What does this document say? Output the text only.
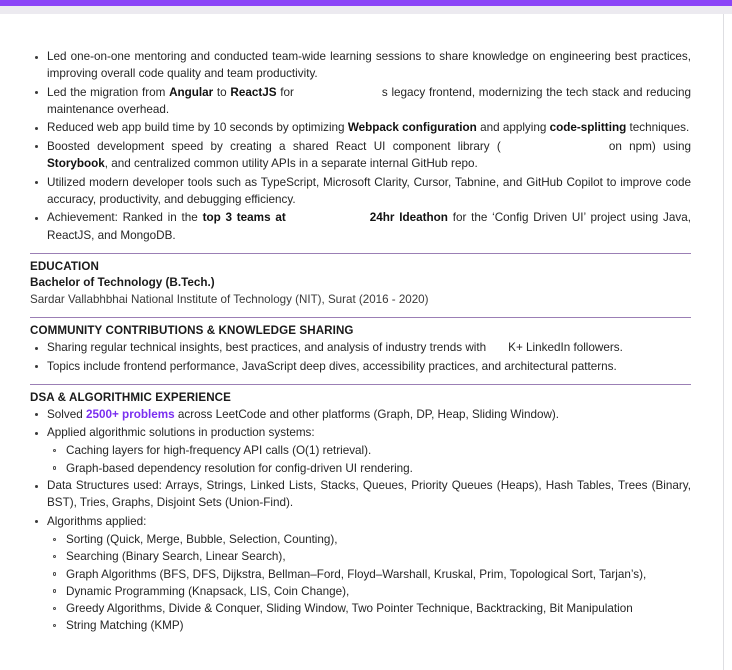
Led one-on-one mentoring and conducted team-wide learning sessions to share knowledge on engineering best practices, improving overall code quality and team productivity.
Led the migration from Angular to ReactJS for	s legacy frontend, modernizing the tech stack and reducing maintenance overhead.
Reduced web app build time by 10 seconds by optimizing Webpack configuration and applying code-splitting techniques.
Boosted development speed by creating a shared React UI component library (	on npm) using Storybook, and centralized common utility APIs in a separate internal GitHub repo.
Utilized modern developer tools such as TypeScript, Microsoft Clarity, Cursor, Tabnine, and GitHub Copilot to improve code accuracy, productivity, and debugging efficiency.
Achievement: Ranked in the top 3 teams at	24hr Ideathon for the ‘Config Driven UI’ project using Java, ReactJS, and MongoDB.
EDUCATION
Bachelor of Technology (B.Tech.)
Sardar Vallabhbhai National Institute of Technology (NIT), Surat (2016 - 2020)
COMMUNITY CONTRIBUTIONS & KNOWLEDGE SHARING
Sharing regular technical insights, best practices, and analysis of industry trends with K+ LinkedIn followers.
Topics include frontend performance, JavaScript deep dives, accessibility practices, and architectural patterns.
DSA & ALGORITHMIC EXPERIENCE
Solved 2500+ problems across LeetCode and other platforms (Graph, DP, Heap, Sliding Window).
Applied algorithmic solutions in production systems:
Caching layers for high-frequency API calls (O(1) retrieval).
Graph-based dependency resolution for config-driven UI rendering.
Data Structures used: Arrays, Strings, Linked Lists, Stacks, Queues, Priority Queues (Heaps), Hash Tables, Trees (Binary, BST), Tries, Graphs, Disjoint Sets (Union-Find).
Algorithms applied:
Sorting (Quick, Merge, Bubble, Selection, Counting),
Searching (Binary Search, Linear Search),
Graph Algorithms (BFS, DFS, Dijkstra, Bellman–Ford, Floyd–Warshall, Kruskal, Prim, Topological Sort, Tarjan’s),
Dynamic Programming (Knapsack, LIS, Coin Change),
Greedy Algorithms, Divide & Conquer, Sliding Window, Two Pointer Technique, Backtracking, Bit Manipulation
String Matching (KMP)
